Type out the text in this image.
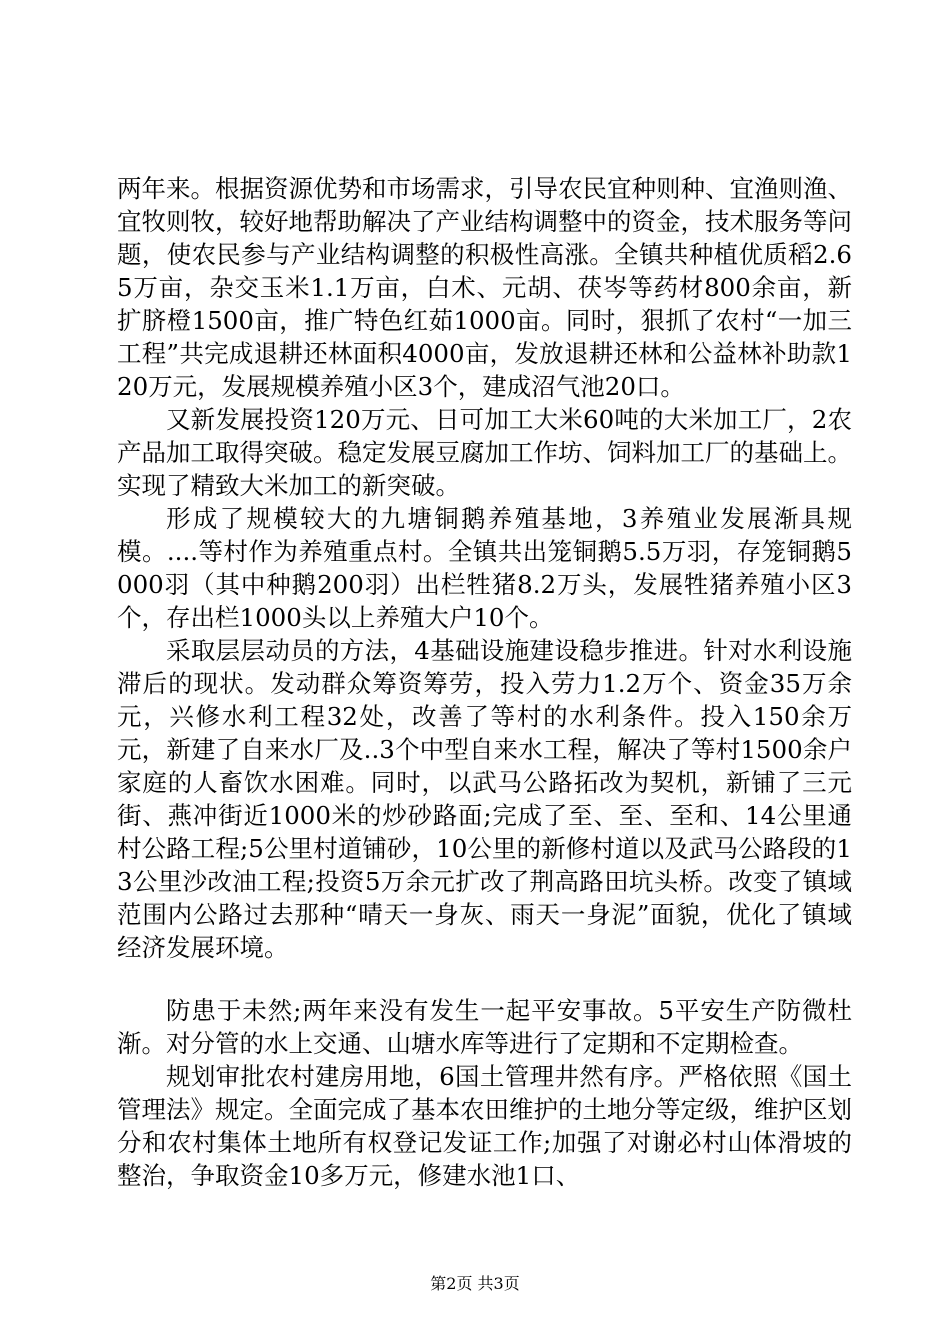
两年来。根据资源优势和市场需求，引导农民宜种则种、宜渔则渔、宜牧则牧，较好地帮助解决了产业结构调整中的资金，技术服务等问题，使农民参与产业结构调整的积极性高涨。全镇共种植优质稻2.65万亩，杂交玉米1.1万亩，白术、元胡、茯岑等药材800余亩，新扩脐橙1500亩，推广特色红茹1000亩。同时，狠抓了农村“一加三工程”共完成退耕还林面积4000亩，发放退耕还林和公益林补助款120万元，发展规模养殖小区3个，建成沼气池20口。

又新发展投资120万元、日可加工大米60吨的大米加工厂，2农产品加工取得突破。稳定发展豆腐加工作坊、饲料加工厂的基础上。实现了精致大米加工的新突破。

形成了规模较大的九塘铜鹅养殖基地，3养殖业发展渐具规模。....等村作为养殖重点村。全镇共出笼铜鹅5.5万羽，存笼铜鹅5000羽（其中种鹅200羽）出栏牲猪8.2万头，发展牲猪养殖小区3个，存出栏1000头以上养殖大户10个。

采取层层动员的方法，4基础设施建设稳步推进。针对水利设施滞后的现状。发动群众筹资筹劳，投入劳力1.2万个、资金35万余元，兴修水利工程32处，改善了等村的水利条件。投入150余万元，新建了自来水厂及..3个中型自来水工程，解决了等村1500余户家庭的人畜饮水困难。同时，以武马公路拓改为契机，新铺了三元街、燕冲街近1000米的炒砂路面;完成了至、至、至和、14公里通村公路工程;5公里村道铺砂，10公里的新修村道以及武马公路段的13公里沙改油工程;投资5万余元扩改了荆高路田坑头桥。改变了镇域范围内公路过去那种“晴天一身灰、雨天一身泥”面貌，优化了镇域经济发展环境。

防患于未然;两年来没有发生一起平安事故。5平安生产防微杜渐。对分管的水上交通、山塘水库等进行了定期和不定期检查。

规划审批农村建房用地，6国土管理井然有序。严格依照《国土管理法》规定。全面完成了基本农田维护的土地分等定级，维护区划分和农村集体土地所有权登记发证工作;加强了对谢必村山体滑坡的整治，争取资金10多万元，修建水池1口、

第2页 共3页
